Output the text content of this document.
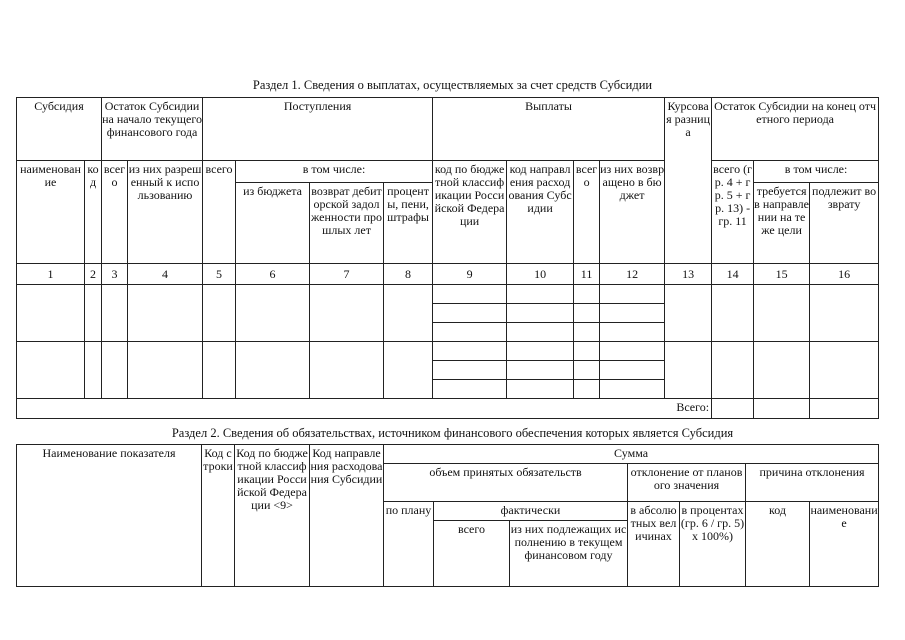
Раздел 1. Сведения о выплатах, осуществляемых за счет средств Субсидии
Субсидия		Остаток Субсидии на начало текущего финансового года		Поступления				Выплаты				Курсовая разница	Остаток Субсидии на конец отчетного периода		
наименование	код	всего	из них разрешенный к использованию	всего	в том числе:			код по бюджетной классификации Российской Федерации	код направления расходования Субсидии	всего	из них возвращено в бюджет		всего (гр. 4 + гр. 5 + гр. 13) - гр. 11	в том числе:	
					из бюджета	возврат дебиторской задолженности прошлых лет	проценты, пени, штрафы							требуется в направлении на те же цели	подлежит возврату
1	2	3	4	5	6	7	8	9	10	11	12	13	14	15	16

Всего:															
Раздел 2. Сведения об обязательствах, источником финансового обеспечения которых является Субсидия
Наименование показателя	Код строки	Код по бюджетной классификации Российской Федерации <9>	Код направления расходования Субсидии	Сумма						
				объем принятых обязательств			отклонение от планового значения		причина отклонения	
				по плану	фактически		в абсолютных величинах	в процентах (гр. 6 / гр. 5) x 100%)	код	наименование
					всего	из них подлежащих исполнению в текущем финансовом году				
